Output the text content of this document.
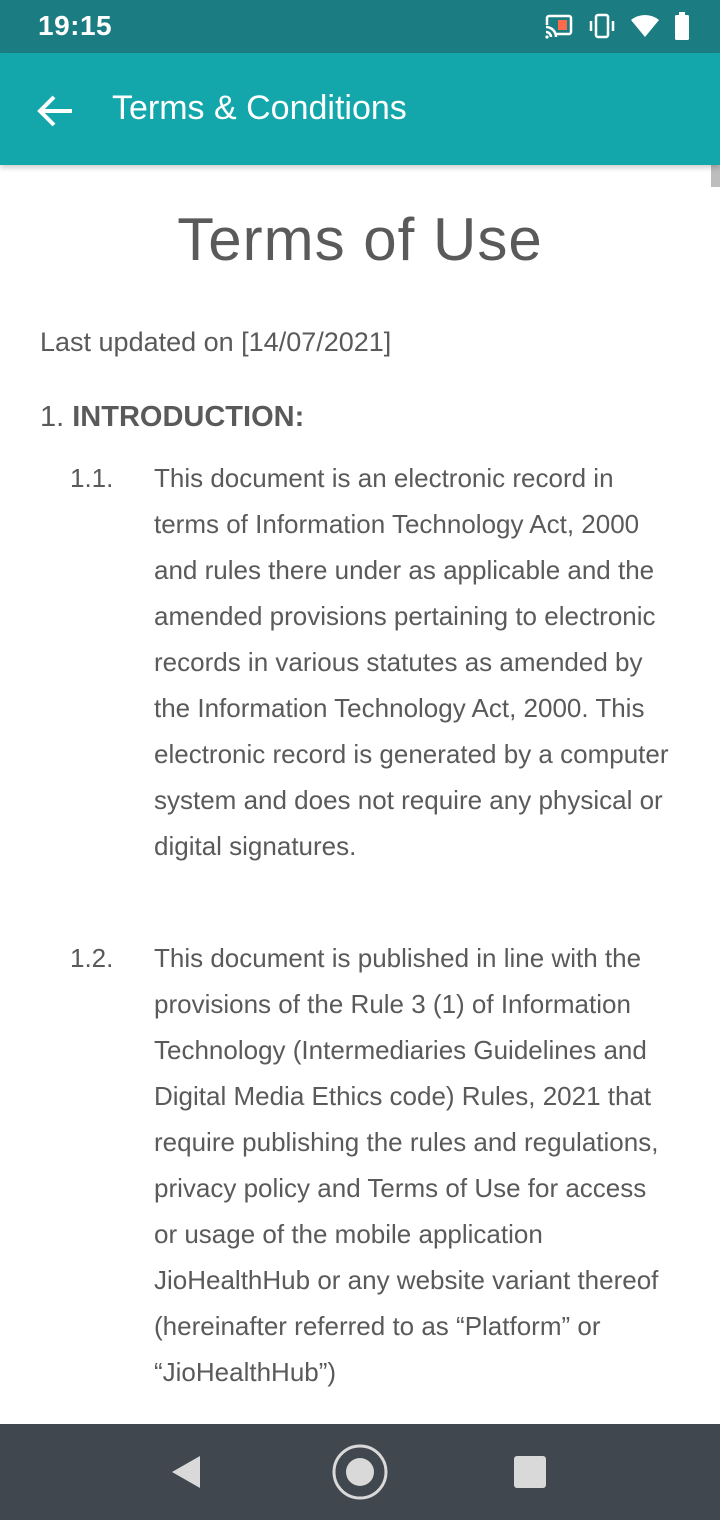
19:15
Terms & Conditions
Terms of Use
Last updated on [14/07/2021]
1. INTRODUCTION:
1.1. This document is an electronic record in terms of Information Technology Act, 2000 and rules there under as applicable and the amended provisions pertaining to electronic records in various statutes as amended by the Information Technology Act, 2000. This electronic record is generated by a computer system and does not require any physical or digital signatures.
1.2. This document is published in line with the provisions of the Rule 3 (1) of Information Technology (Intermediaries Guidelines and Digital Media Ethics code) Rules, 2021 that require publishing the rules and regulations, privacy policy and Terms of Use for access or usage of the mobile application JioHealthHub or any website variant thereof (hereinafter referred to as “Platform” or “JioHealthHub”)
